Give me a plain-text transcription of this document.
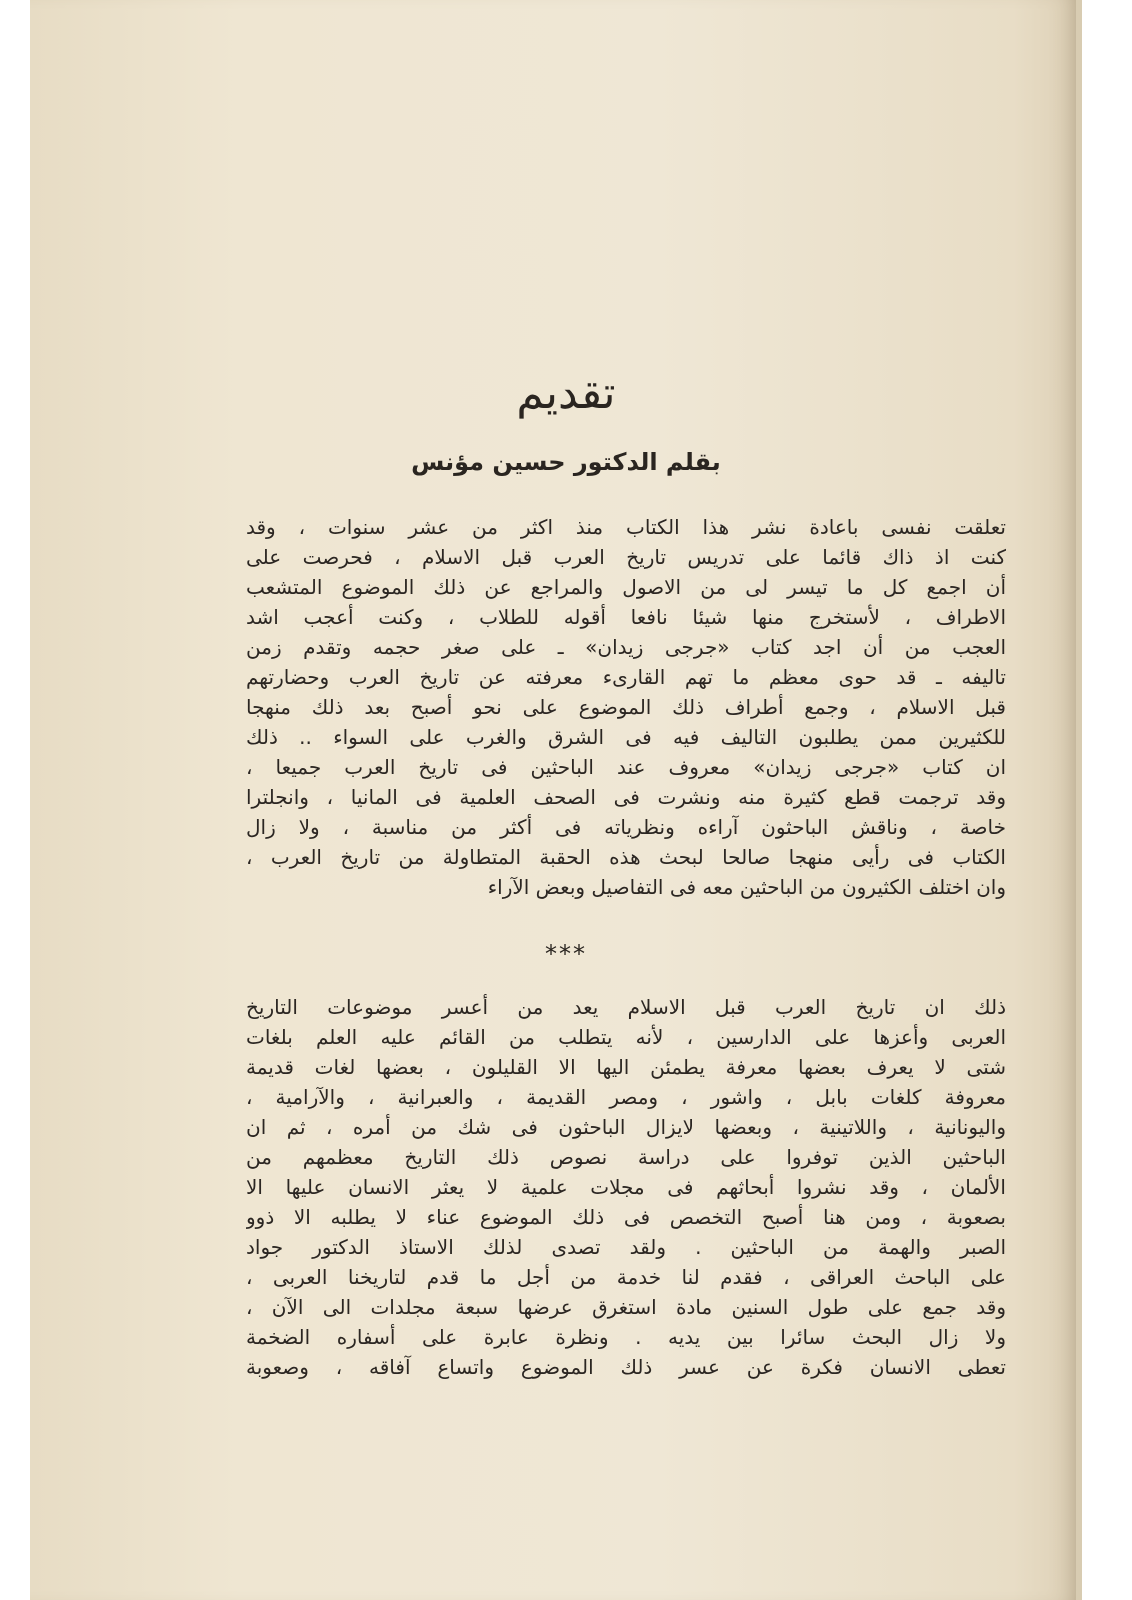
تقديم
بقلم الدكتور حسين مؤنس
تعلقت نفسى باعادة نشر هذا الكتاب منذ اكثر من عشر سنوات ، وقد
كنت اذ ذاك قائما على تدريس تاريخ العرب قبل الاسلام ، فحرصت على
أن اجمع كل ما تيسر لى من الاصول والمراجع عن ذلك الموضوع المتشعب
الاطراف ، لأستخرج منها شيئا نافعا أقوله للطلاب ، وكنت أعجب اشد
العجب من أن اجد كتاب «جرجى زيدان» ـ على صغر حجمه وتقدم زمن
تاليفه ـ قد حوى معظم ما تهم القارىء معرفته عن تاريخ العرب وحضارتهم
قبل الاسلام ، وجمع أطراف ذلك الموضوع على نحو أصبح بعد ذلك منهجا
للكثيرين ممن يطلبون التاليف فيه فى الشرق والغرب على السواء .. ذلك
ان كتاب «جرجى زيدان» معروف عند الباحثين فى تاريخ العرب جميعا ،
وقد ترجمت قطع كثيرة منه ونشرت فى الصحف العلمية فى المانيا ، وانجلترا
خاصة ، وناقش الباحثون آراءه ونظرياته فى أكثر من مناسبة ، ولا زال
الكتاب فى رأيى منهجا صالحا لبحث هذه الحقبة المتطاولة من تاريخ العرب ،
وان اختلف الكثيرون من الباحثين معه فى التفاصيل وبعض الآراء
***
ذلك ان تاريخ العرب قبل الاسلام يعد من أعسر موضوعات التاريخ
العربى وأعزها على الدارسين ، لأنه يتطلب من القائم عليه العلم بلغات
شتى لا يعرف بعضها معرفة يطمئن اليها الا القليلون ، بعضها لغات قديمة
معروفة كلغات بابل ، واشور ، ومصر القديمة ، والعبرانية ، والآرامية ،
واليونانية ، واللاتينية ، وبعضها لايزال الباحثون فى شك من أمره ، ثم ان
الباحثين الذين توفروا على دراسة نصوص ذلك التاريخ معظمهم من
الألمان ، وقد نشروا أبحاثهم فى مجلات علمية لا يعثر الانسان عليها الا
بصعوبة ، ومن هنا أصبح التخصص فى ذلك الموضوع عناء لا يطلبه الا ذوو
الصبر والهمة من الباحثين . ولقد تصدى لذلك الاستاذ الدكتور جواد
على الباحث العراقى ، فقدم لنا خدمة من أجل ما قدم لتاريخنا العربى ،
وقد جمع على طول السنين مادة استغرق عرضها سبعة مجلدات الى الآن ،
ولا زال البحث سائرا بين يديه . ونظرة عابرة على أسفاره الضخمة
تعطى الانسان فكرة عن عسر ذلك الموضوع واتساع آفاقه ، وصعوبة
